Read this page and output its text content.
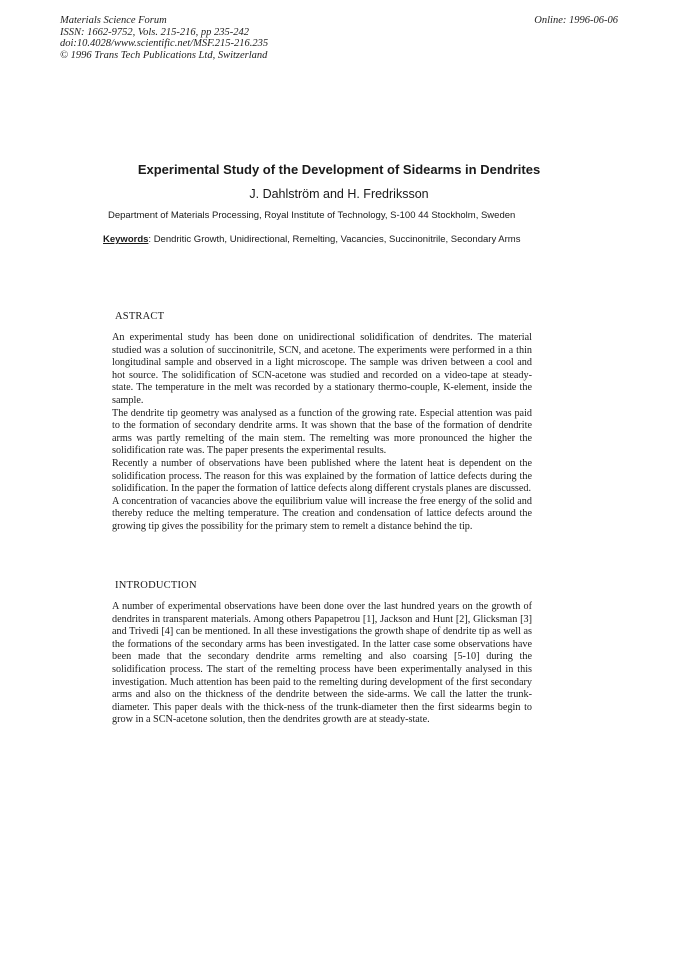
Materials Science Forum
ISSN: 1662-9752, Vols. 215-216, pp 235-242
doi:10.4028/www.scientific.net/MSF.215-216.235
© 1996 Trans Tech Publications Ltd, Switzerland
Online: 1996-06-06
Experimental Study of the Development of Sidearms in Dendrites
J. Dahlström and H. Fredriksson
Department of Materials Processing, Royal Institute of Technology, S-100 44 Stockholm, Sweden
Keywords: Dendritic Growth, Unidirectional, Remelting, Vacancies, Succinonitrile, Secondary Arms
ASTRACT

An experimental study has been done on unidirectional solidification of dendrites. The material studied was a solution of succinonitrile, SCN, and acetone. The experiments were performed in a thin longitudinal sample and observed in a light microscope. The sample was driven between a cool and hot source. The solidification of SCN-acetone was studied and recorded on a video-tape at steady-state. The temperature in the melt was recorded by a stationary thermo-couple, K-element, inside the sample.

The dendrite tip geometry was analysed as a function of the growing rate. Especial attention was paid to the formation of secondary dendrite arms. It was shown that the base of the formation of dendrite arms was partly remelting of the main stem. The remelting was more pronounced the higher the solidification rate was. The paper presents the experimental results.

Recently a number of observations have been published where the latent heat is dependent on the solidification process. The reason for this was explained by the formation of lattice defects during the solidification. In the paper the formation of lattice defects along different crystals planes are discussed.

A concentration of vacancies above the equilibrium value will increase the free energy of the solid and thereby reduce the melting temperature. The creation and condensation of lattice defects around the growing tip gives the possibility for the primary stem to remelt a distance behind the tip.

INTRODUCTION

A number of experimental observations have been done over the last hundred years on the growth of dendrites in transparent materials. Among others Papapetrou [1], Jackson and Hunt [2], Glicksman [3] and Trivedi [4] can be mentioned. In all these investigations the growth shape of dendrite tip as well as the formations of the secondary arms has been investigated. In the latter case some observations have been made that the secondary dendrite arms remelting and also coarsing [5-10] during the solidification process. The start of the remelting process have been experimentally analysed in this investigation. Much attention has been paid to the remelting during development of the first secondary arms and also on the thickness of the dendrite between the side-arms. We call the latter the trunk-diameter. This paper deals with the thick-ness of the trunk-diameter then the first sidearms begin to grow in a SCN-acetone solution, then the dendrites growth are at steady-state.
